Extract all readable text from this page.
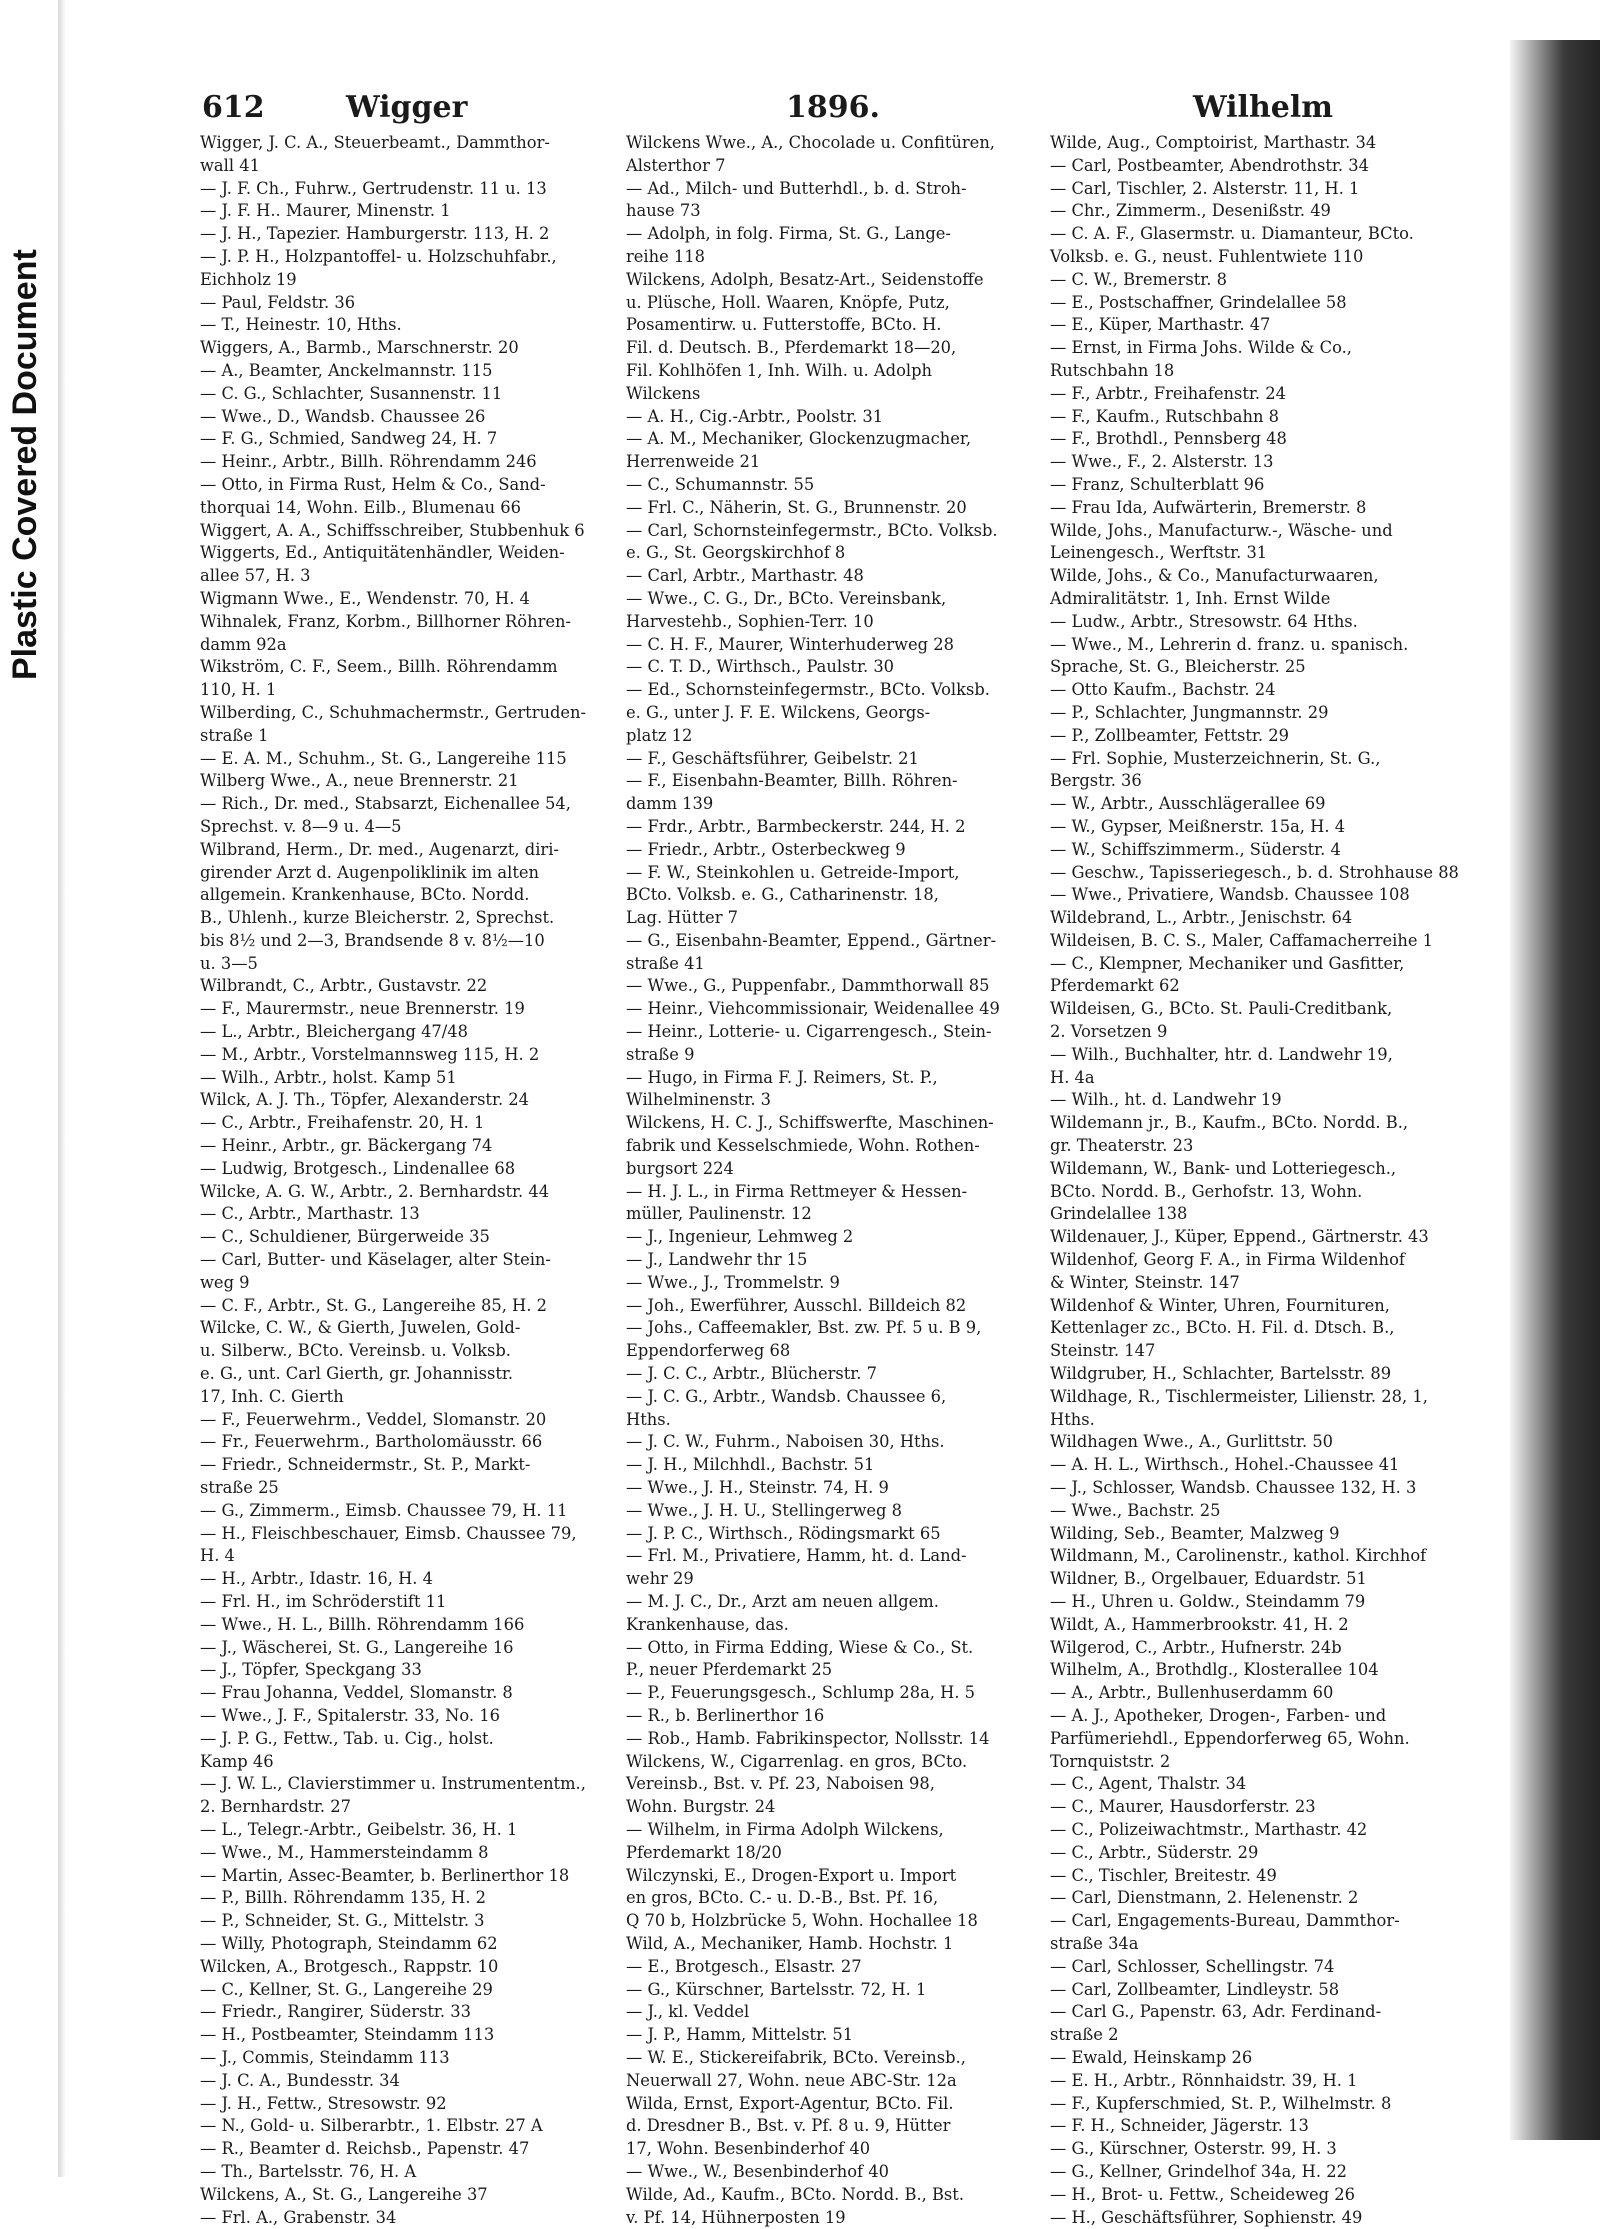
Plastic Covered Document
612	Wigger	1896.	Wilhelm

Wigger, J. C. A., Steuerbeamt., Dammthor-

wall 41

— J. F. Ch., Fuhrw., Gertrudenstr. 11 u. 13

— J. F. H.. Maurer, Minenstr. 1

— J. H., Tapezier. Hamburgerstr. 113, H. 2

— J. P. H., Holzpantoffel- u. Holzschuhfabr.,

Eichholz 19

— Paul, Feldstr. 36

— T., Heinestr. 10, Hths.

Wiggers, A., Barmb., Marschnerstr. 20

— A., Beamter, Anckelmannstr. 115

— C. G., Schlachter, Susannenstr. 11

— Wwe., D., Wandsb. Chaussee 26

— F. G., Schmied, Sandweg 24, H. 7

— Heinr., Arbtr., Billh. Röhrendamm 246

— Otto, in Firma Rust, Helm & Co., Sand-

thorquai 14, Wohn. Eilb., Blumenau 66

Wiggert, A. A., Schiffsschreiber, Stubbenhuk 6

Wiggerts, Ed., Antiquitätenhändler, Weiden-

allee 57, H. 3

Wigmann Wwe., E., Wendenstr. 70, H. 4

Wihnalek, Franz, Korbm., Billhorner Röhren-

damm 92a

Wikström, C. F., Seem., Billh. Röhrendamm

110, H. 1

Wilberding, C., Schuhmachermstr., Gertruden-

straße 1

— E. A. M., Schuhm., St. G., Langereihe 115

Wilberg Wwe., A., neue Brennerstr. 21

— Rich., Dr. med., Stabsarzt, Eichenallee 54,

Sprechst. v. 8—9 u. 4—5

Wilbrand, Herm., Dr. med., Augenarzt, diri-

girender Arzt d. Augenpoliklinik im alten

allgemein. Krankenhause, BCto. Nordd.

B., Uhlenh., kurze Bleicherstr. 2, Sprechst.

bis 8½ und 2—3, Brandsende 8 v. 8½—10

u. 3—5

Wilbrandt, C., Arbtr., Gustavstr. 22

— F., Maurermstr., neue Brennerstr. 19

— L., Arbtr., Bleichergang 47/48

— M., Arbtr., Vorstelmannsweg 115, H. 2

— Wilh., Arbtr., holst. Kamp 51

Wilck, A. J. Th., Töpfer, Alexanderstr. 24

— C., Arbtr., Freihafenstr. 20, H. 1

— Heinr., Arbtr., gr. Bäckergang 74

— Ludwig, Brotgesch., Lindenallee 68

Wilcke, A. G. W., Arbtr., 2. Bernhardstr. 44

— C., Arbtr., Marthastr. 13

— C., Schuldiener, Bürgerweide 35

— Carl, Butter- und Käselager, alter Stein-

weg 9

— C. F., Arbtr., St. G., Langereihe 85, H. 2

Wilcke, C. W., & Gierth, Juwelen, Gold-

u. Silberw., BCto. Vereinsb. u. Volksb.

e. G., unt. Carl Gierth, gr. Johannisstr.

17, Inh. C. Gierth

— F., Feuerwehrm., Veddel, Slomanstr. 20

— Fr., Feuerwehrm., Bartholomäusstr. 66

— Friedr., Schneidermstr., St. P., Markt-

straße 25

— G., Zimmerm., Eimsb. Chaussee 79, H. 11

— H., Fleischbeschauer, Eimsb. Chaussee 79,

H. 4

— H., Arbtr., Idastr. 16, H. 4

— Frl. H., im Schröderstift 11

— Wwe., H. L., Billh. Röhrendamm 166

— J., Wäscherei, St. G., Langereihe 16

— J., Töpfer, Speckgang 33

— Frau Johanna, Veddel, Slomanstr. 8

— Wwe., J. F., Spitalerstr. 33, No. 16

— J. P. G., Fettw., Tab. u. Cig., holst.

Kamp 46

— J. W. L., Clavierstimmer u. Instrumententm.,

2. Bernhardstr. 27

— L., Telegr.-Arbtr., Geibelstr. 36, H. 1

— Wwe., M., Hammersteindamm 8

— Martin, Assec-Beamter, b. Berlinerthor 18

— P., Billh. Röhrendamm 135, H. 2

— P., Schneider, St. G., Mittelstr. 3

— Willy, Photograph, Steindamm 62

Wilcken, A., Brotgesch., Rappstr. 10

— C., Kellner, St. G., Langereihe 29

— Friedr., Rangirer, Süderstr. 33

— H., Postbeamter, Steindamm 113

— J., Commis, Steindamm 113

— J. C. A., Bundesstr. 34

— J. H., Fettw., Stresowstr. 92

— N., Gold- u. Silberarbtr., 1. Elbstr. 27 A

— R., Beamter d. Reichsb., Papenstr. 47

— Th., Bartelsstr. 76, H. A

Wilckens, A., St. G., Langereihe 37

— Frl. A., Grabenstr. 34

Wilckens Wwe., A., Chocolade u. Confitüren,

Alsterthor 7

— Ad., Milch- und Butterhdl., b. d. Stroh-

hause 73

— Adolph, in folg. Firma, St. G., Lange-

reihe 118

Wilckens, Adolph, Besatz-Art., Seidenstoffe

u. Plüsche, Holl. Waaren, Knöpfe, Putz,

Posamentirw. u. Futterstoffe, BCto. H.

Fil. d. Deutsch. B., Pferdemarkt 18—20,

Fil. Kohlhöfen 1, Inh. Wilh. u. Adolph

Wilckens

— A. H., Cig.-Arbtr., Poolstr. 31

— A. M., Mechaniker, Glockenzugmacher,

Herrenweide 21

— C., Schumannstr. 55

— Frl. C., Näherin, St. G., Brunnenstr. 20

— Carl, Schornsteinfegermstr., BCto. Volksb.

e. G., St. Georgskirchhof 8

— Carl, Arbtr., Marthastr. 48

— Wwe., C. G., Dr., BCto. Vereinsbank,

Harvestehb., Sophien-Terr. 10

— C. H. F., Maurer, Winterhuderweg 28

— C. T. D., Wirthsch., Paulstr. 30

— Ed., Schornsteinfegermstr., BCto. Volksb.

e. G., unter J. F. E. Wilckens, Georgs-

platz 12

— F., Geschäftsführer, Geibelstr. 21

— F., Eisenbahn-Beamter, Billh. Röhren-

damm 139

— Frdr., Arbtr., Barmbeckerstr. 244, H. 2

— Friedr., Arbtr., Osterbeckweg 9

— F. W., Steinkohlen u. Getreide-Import,

BCto. Volksb. e. G., Catharinenstr. 18,

Lag. Hütter 7

— G., Eisenbahn-Beamter, Eppend., Gärtner-

straße 41

— Wwe., G., Puppenfabr., Dammthorwall 85

— Heinr., Viehcommissionair, Weidenallee 49

— Heinr., Lotterie- u. Cigarrengesch., Stein-

straße 9

— Hugo, in Firma F. J. Reimers, St. P.,

Wilhelminenstr. 3

Wilckens, H. C. J., Schiffswerfte, Maschinen-

fabrik und Kesselschmiede, Wohn. Rothen-

burgsort 224

— H. J. L., in Firma Rettmeyer & Hessen-

müller, Paulinenstr. 12

— J., Ingenieur, Lehmweg 2

— J., Landwehr thr 15

— Wwe., J., Trommelstr. 9

— Joh., Ewerführer, Ausschl. Billdeich 82

— Johs., Caffeemakler, Bst. zw. Pf. 5 u. B 9,

Eppendorferweg 68

— J. C. C., Arbtr., Blücherstr. 7

— J. C. G., Arbtr., Wandsb. Chaussee 6,

Hths.

— J. C. W., Fuhrm., Naboisen 30, Hths.

— J. H., Milchhdl., Bachstr. 51

— Wwe., J. H., Steinstr. 74, H. 9

— Wwe., J. H. U., Stellingerweg 8

— J. P. C., Wirthsch., Rödingsmarkt 65

— Frl. M., Privatiere, Hamm, ht. d. Land-

wehr 29

— M. J. C., Dr., Arzt am neuen allgem.

Krankenhause, das.

— Otto, in Firma Edding, Wiese & Co., St.

P., neuer Pferdemarkt 25

— P., Feuerungsgesch., Schlump 28a, H. 5

— R., b. Berlinerthor 16

— Rob., Hamb. Fabrikinspector, Nollsstr. 14

Wilckens, W., Cigarrenlag. en gros, BCto.

Vereinsb., Bst. v. Pf. 23, Naboisen 98,

Wohn. Burgstr. 24

— Wilhelm, in Firma Adolph Wilckens,

Pferdemarkt 18/20

Wilczynski, E., Drogen-Export u. Import

en gros, BCto. C.- u. D.-B., Bst. Pf. 16,

Q 70 b, Holzbrücke 5, Wohn. Hochallee 18

Wild, A., Mechaniker, Hamb. Hochstr. 1

— E., Brotgesch., Elsastr. 27

— G., Kürschner, Bartelsstr. 72, H. 1

— J., kl. Veddel

— J. P., Hamm, Mittelstr. 51

— W. E., Stickereifabrik, BCto. Vereinsb.,

Neuerwall 27, Wohn. neue ABC-Str. 12a

Wilda, Ernst, Export-Agentur, BCto. Fil.

d. Dresdner B., Bst. v. Pf. 8 u. 9, Hütter

17, Wohn. Besenbinderhof 40

— Wwe., W., Besenbinderhof 40

Wilde, Ad., Kaufm., BCto. Nordd. B., Bst.

v. Pf. 14, Hühnerposten 19

Wilde, Aug., Comptoirist, Marthastr. 34

— Carl, Postbeamter, Abendrothstr. 34

— Carl, Tischler, 2. Alsterstr. 11, H. 1

— Chr., Zimmerm., Desenißstr. 49

— C. A. F., Glasermstr. u. Diamanteur, BCto.

Volksb. e. G., neust. Fuhlentwiete 110

— C. W., Bremerstr. 8

— E., Postschaffner, Grindelallee 58

— E., Küper, Marthastr. 47

— Ernst, in Firma Johs. Wilde & Co.,

Rutschbahn 18

— F., Arbtr., Freihafenstr. 24

— F., Kaufm., Rutschbahn 8

— F., Brothdl., Pennsberg 48

— Wwe., F., 2. Alsterstr. 13

— Franz, Schulterblatt 96

— Frau Ida, Aufwärterin, Bremerstr. 8

Wilde, Johs., Manufacturw.-, Wäsche- und

Leinengesch., Werftstr. 31

Wilde, Johs., & Co., Manufacturwaaren,

Admiralitätstr. 1, Inh. Ernst Wilde

— Ludw., Arbtr., Stresowstr. 64 Hths.

— Wwe., M., Lehrerin d. franz. u. spanisch.

Sprache, St. G., Bleicherstr. 25

— Otto Kaufm., Bachstr. 24

— P., Schlachter, Jungmannstr. 29

— P., Zollbeamter, Fettstr. 29

— Frl. Sophie, Musterzeichnerin, St. G.,

Bergstr. 36

— W., Arbtr., Ausschlägerallee 69

— W., Gypser, Meißnerstr. 15a, H. 4

— W., Schiffszimmerm., Süderstr. 4

— Geschw., Tapisseriegesch., b. d. Strohhause 88

— Wwe., Privatiere, Wandsb. Chaussee 108

Wildebrand, L., Arbtr., Jenischstr. 64

Wildeisen, B. C. S., Maler, Caffamacherreihe 1

— C., Klempner, Mechaniker und Gasfitter,

Pferdemarkt 62

Wildeisen, G., BCto. St. Pauli-Creditbank,

2. Vorsetzen 9

— Wilh., Buchhalter, htr. d. Landwehr 19,

H. 4a

— Wilh., ht. d. Landwehr 19

Wildemann jr., B., Kaufm., BCto. Nordd. B.,

gr. Theaterstr. 23

Wildemann, W., Bank- und Lotteriegesch.,

BCto. Nordd. B., Gerhofstr. 13, Wohn.

Grindelallee 138

Wildenauer, J., Küper, Eppend., Gärtnerstr. 43

Wildenhof, Georg F. A., in Firma Wildenhof

& Winter, Steinstr. 147

Wildenhof & Winter, Uhren, Fournituren,

Kettenlager zc., BCto. H. Fil. d. Dtsch. B.,

Steinstr. 147

Wildgruber, H., Schlachter, Bartelsstr. 89

Wildhage, R., Tischlermeister, Lilienstr. 28, 1,

Hths.

Wildhagen Wwe., A., Gurlittstr. 50

— A. H. L., Wirthsch., Hohel.-Chaussee 41

— J., Schlosser, Wandsb. Chaussee 132, H. 3

— Wwe., Bachstr. 25

Wilding, Seb., Beamter, Malzweg 9

Wildmann, M., Carolinenstr., kathol. Kirchhof

Wildner, B., Orgelbauer, Eduardstr. 51

— H., Uhren u. Goldw., Steindamm 79

Wildt, A., Hammerbrookstr. 41, H. 2

Wilgerod, C., Arbtr., Hufnerstr. 24b

Wilhelm, A., Brothdlg., Klosterallee 104

— A., Arbtr., Bullenhuserdamm 60

— A. J., Apotheker, Drogen-, Farben- und

Parfümeriehdl., Eppendorferweg 65, Wohn.

Tornquiststr. 2

— C., Agent, Thalstr. 34

— C., Maurer, Hausdorferstr. 23

— C., Polizeiwachtmstr., Marthastr. 42

— C., Arbtr., Süderstr. 29

— C., Tischler, Breitestr. 49

— Carl, Dienstmann, 2. Helenenstr. 2

— Carl, Engagements-Bureau, Dammthor-

straße 34a

— Carl, Schlosser, Schellingstr. 74

— Carl, Zollbeamter, Lindleystr. 58

— Carl G., Papenstr. 63, Adr. Ferdinand-

straße 2

— Ewald, Heinskamp 26

— E. H., Arbtr., Rönnhaidstr. 39, H. 1

— F., Kupferschmied, St. P., Wilhelmstr. 8

— F. H., Schneider, Jägerstr. 13

— G., Kürschner, Osterstr. 99, H. 3

— G., Kellner, Grindelhof 34a, H. 22

— H., Brot- u. Fettw., Scheideweg 26

— H., Geschäftsführer, Sophienstr. 49
